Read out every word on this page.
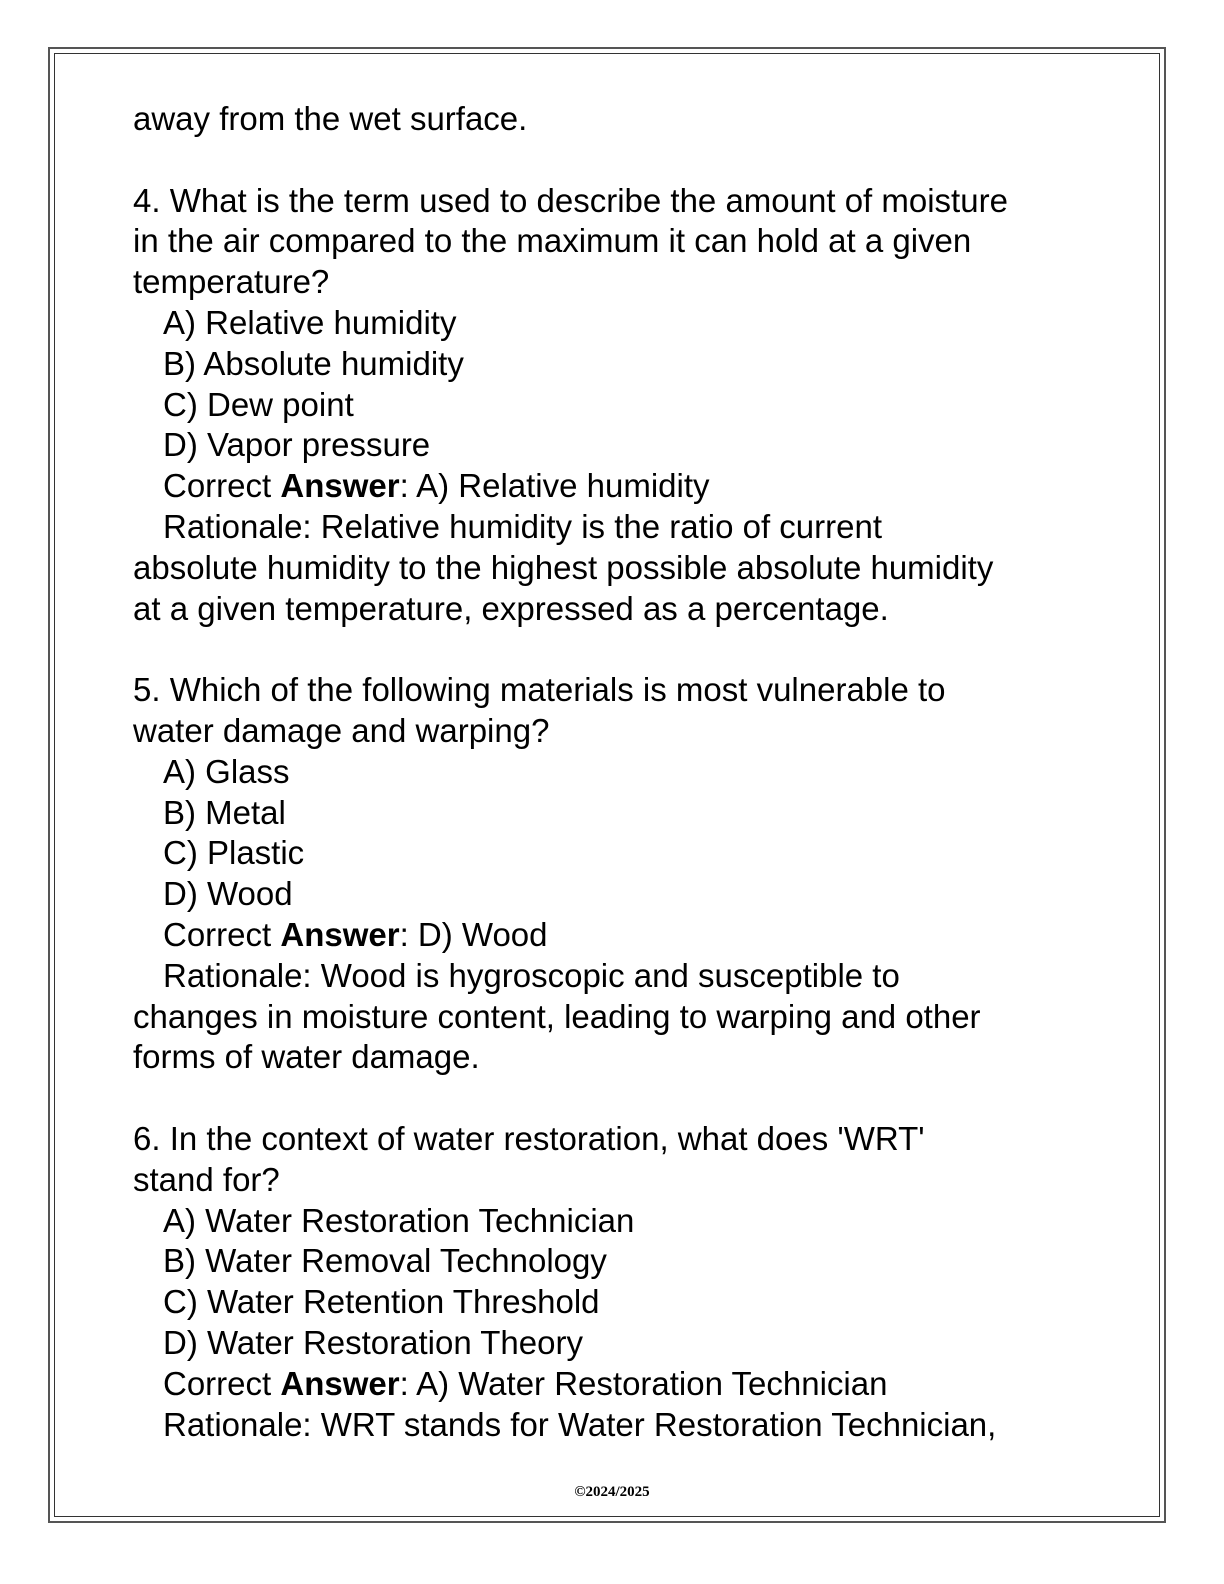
away from the wet surface.
4. What is the term used to describe the amount of moisture
in the air compared to the maximum it can hold at a given
temperature?
A) Relative humidity
B) Absolute humidity
C) Dew point
D) Vapor pressure
Correct Answer: A) Relative humidity
Rationale: Relative humidity is the ratio of current
absolute humidity to the highest possible absolute humidity
at a given temperature, expressed as a percentage.
5. Which of the following materials is most vulnerable to
water damage and warping?
A) Glass
B) Metal
C) Plastic
D) Wood
Correct Answer: D) Wood
Rationale: Wood is hygroscopic and susceptible to
changes in moisture content, leading to warping and other
forms of water damage.
6. In the context of water restoration, what does 'WRT'
stand for?
A) Water Restoration Technician
B) Water Removal Technology
C) Water Retention Threshold
D) Water Restoration Theory
Correct Answer: A) Water Restoration Technician
Rationale: WRT stands for Water Restoration Technician,
©2024/2025
